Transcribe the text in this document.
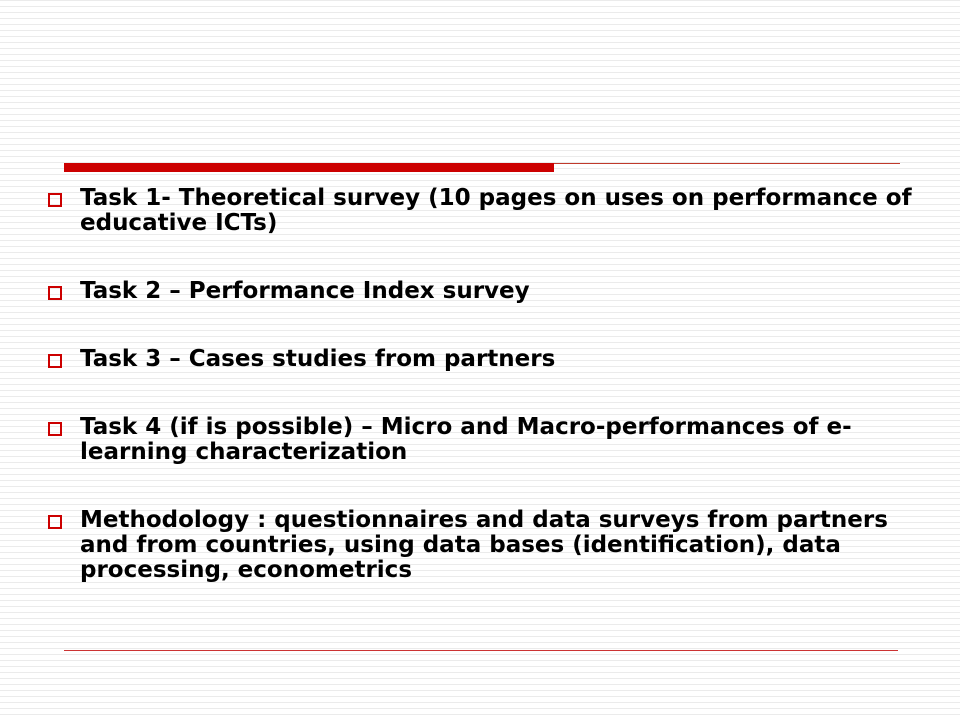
Task 1- Theoretical survey (10 pages on uses on performance of educative ICTs)
Task 2 – Performance Index survey
Task 3 – Cases studies from partners
Task 4 (if is possible) – Micro and Macro-performances of e-learning characterization
Methodology : questionnaires and data surveys from partners and from countries, using data bases (identification), data processing, econometrics
